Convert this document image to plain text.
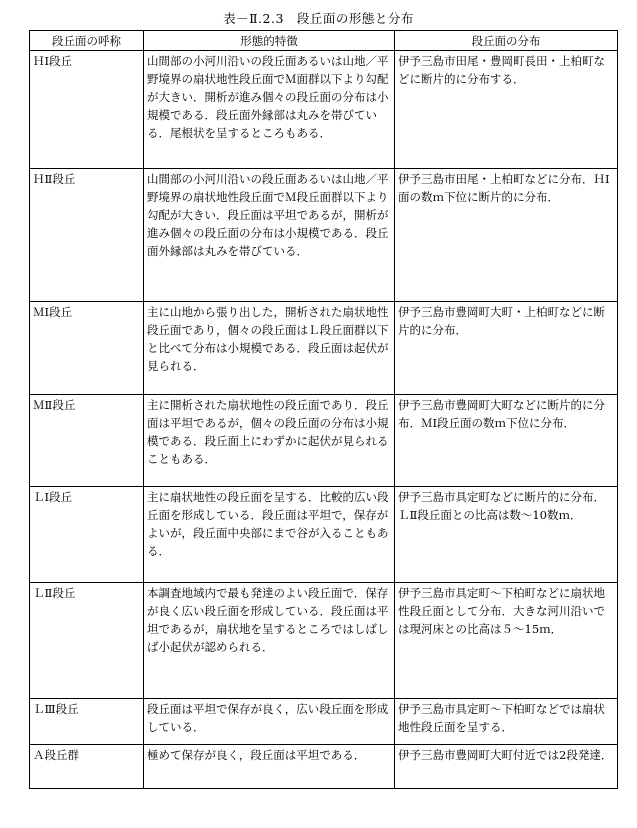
表－Ⅱ.2.3　段丘面の形態と分布
段丘面の呼称	形態的特徴	段丘面の分布
ＨⅠ段丘	山間部の小河川沿いの段丘面あるいは山地／平野境界の扇状地性段丘面でＭ面群以下より勾配が大きい．開析が進み個々の段丘面の分布は小規模である．段丘面外縁部は丸みを帯びている．尾根状を呈するところもある．	伊予三島市田尾・豊岡町長田・上柏町などに断片的に分布する．
ＨⅡ段丘	山間部の小河川沿いの段丘面あるいは山地／平野境界の扇状地性段丘面でＭ段丘面群以下より勾配が大きい．段丘面は平坦であるが，開析が進み個々の段丘面の分布は小規模である．段丘面外縁部は丸みを帯びている．	伊予三島市田尾・上柏町などに分布．ＨⅠ面の数ｍ下位に断片的に分布．
ＭⅠ段丘	主に山地から張り出した，開析された扇状地性段丘面であり，個々の段丘面はＬ段丘面群以下と比べて分布は小規模である．段丘面は起伏が見られる．	伊予三島市豊岡町大町・上柏町などに断片的に分布．
ＭⅡ段丘	主に開析された扇状地性の段丘面であり．段丘面は平坦であるが，個々の段丘面の分布は小規模である．段丘面上にわずかに起伏が見られることもある．	伊予三島市豊岡町大町などに断片的に分布．ＭⅠ段丘面の数ｍ下位に分布．
ＬⅠ段丘	主に扇状地性の段丘面を呈する．比較的広い段丘面を形成している．段丘面は平坦で，保存がよいが，段丘面中央部にまで谷が入ることもある．	伊予三島市具定町などに断片的に分布．ＬⅡ段丘面との比高は数～10数ｍ．
ＬⅡ段丘	本調査地域内で最も発達のよい段丘面で．保存が良く広い段丘面を形成している．段丘面は平坦であるが，扇状地を呈するところではしばしば小起伏が認められる．	伊予三島市具定町～下柏町などに扇状地性段丘面として分布．大きな河川沿いでは現河床との比高は５～15ｍ．
ＬⅢ段丘	段丘面は平坦で保存が良く，広い段丘面を形成している．	伊予三島市具定町～下柏町などでは扇状地性段丘面を呈する．
Ａ段丘群	極めて保存が良く，段丘面は平坦である．	伊予三島市豊岡町大町付近では2段発達．
